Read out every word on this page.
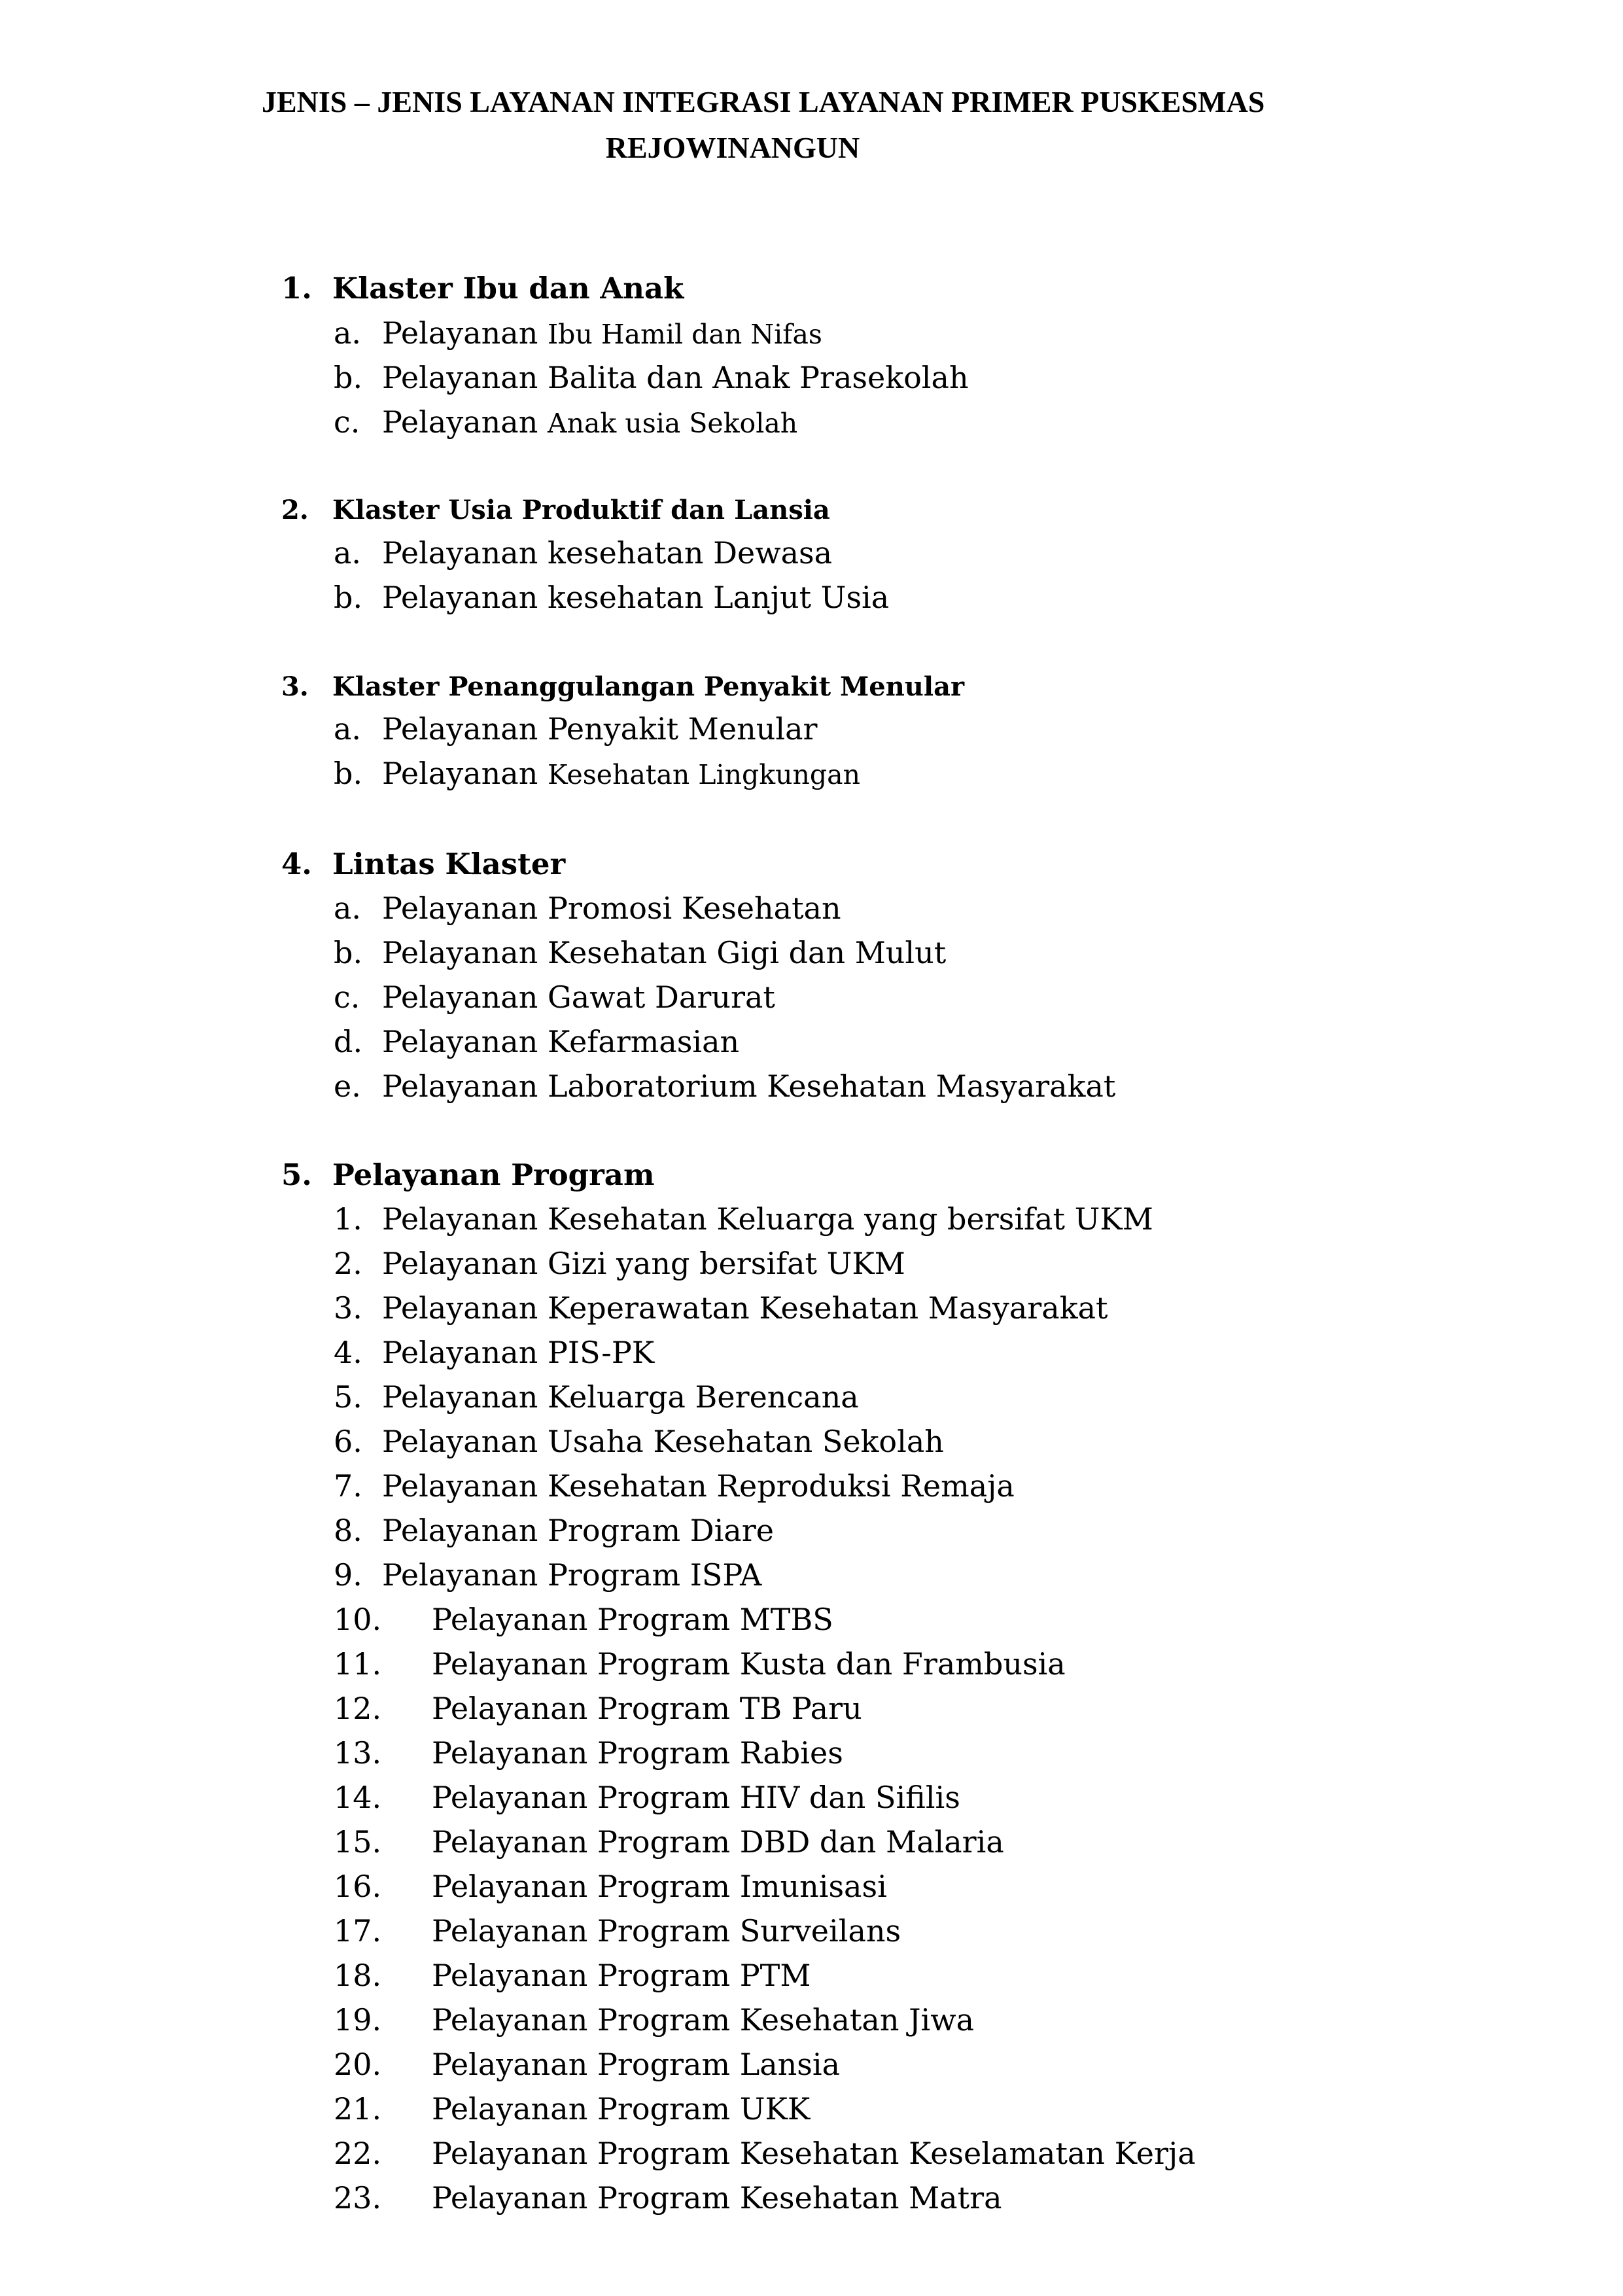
JENIS – JENIS LAYANAN INTEGRASI LAYANAN PRIMER PUSKESMAS
REJOWINANGUN
1. Klaster Ibu dan Anak
a. Pelayanan Ibu Hamil dan Nifas
b. Pelayanan Balita dan Anak Prasekolah
c. Pelayanan Anak usia Sekolah
2. Klaster Usia Produktif dan Lansia
a. Pelayanan kesehatan Dewasa
b. Pelayanan kesehatan Lanjut Usia
3. Klaster Penanggulangan Penyakit Menular
a. Pelayanan Penyakit Menular
b. Pelayanan Kesehatan Lingkungan
4. Lintas Klaster
a. Pelayanan Promosi Kesehatan
b. Pelayanan Kesehatan Gigi dan Mulut
c. Pelayanan Gawat Darurat
d. Pelayanan Kefarmasian
e. Pelayanan Laboratorium Kesehatan Masyarakat
5. Pelayanan Program
1. Pelayanan Kesehatan Keluarga yang bersifat UKM
2. Pelayanan Gizi yang bersifat UKM
3. Pelayanan Keperawatan Kesehatan Masyarakat
4. Pelayanan PIS-PK
5. Pelayanan Keluarga Berencana
6. Pelayanan Usaha Kesehatan Sekolah
7. Pelayanan Kesehatan Reproduksi Remaja
8. Pelayanan Program Diare
9. Pelayanan Program ISPA
10. Pelayanan Program MTBS
11. Pelayanan Program Kusta dan Frambusia
12. Pelayanan Program TB Paru
13. Pelayanan Program Rabies
14. Pelayanan Program HIV dan Sifilis
15. Pelayanan Program DBD dan Malaria
16. Pelayanan Program Imunisasi
17. Pelayanan Program Surveilans
18. Pelayanan Program PTM
19. Pelayanan Program Kesehatan Jiwa
20. Pelayanan Program Lansia
21. Pelayanan Program UKK
22. Pelayanan Program Kesehatan Keselamatan Kerja
23. Pelayanan Program Kesehatan Matra
